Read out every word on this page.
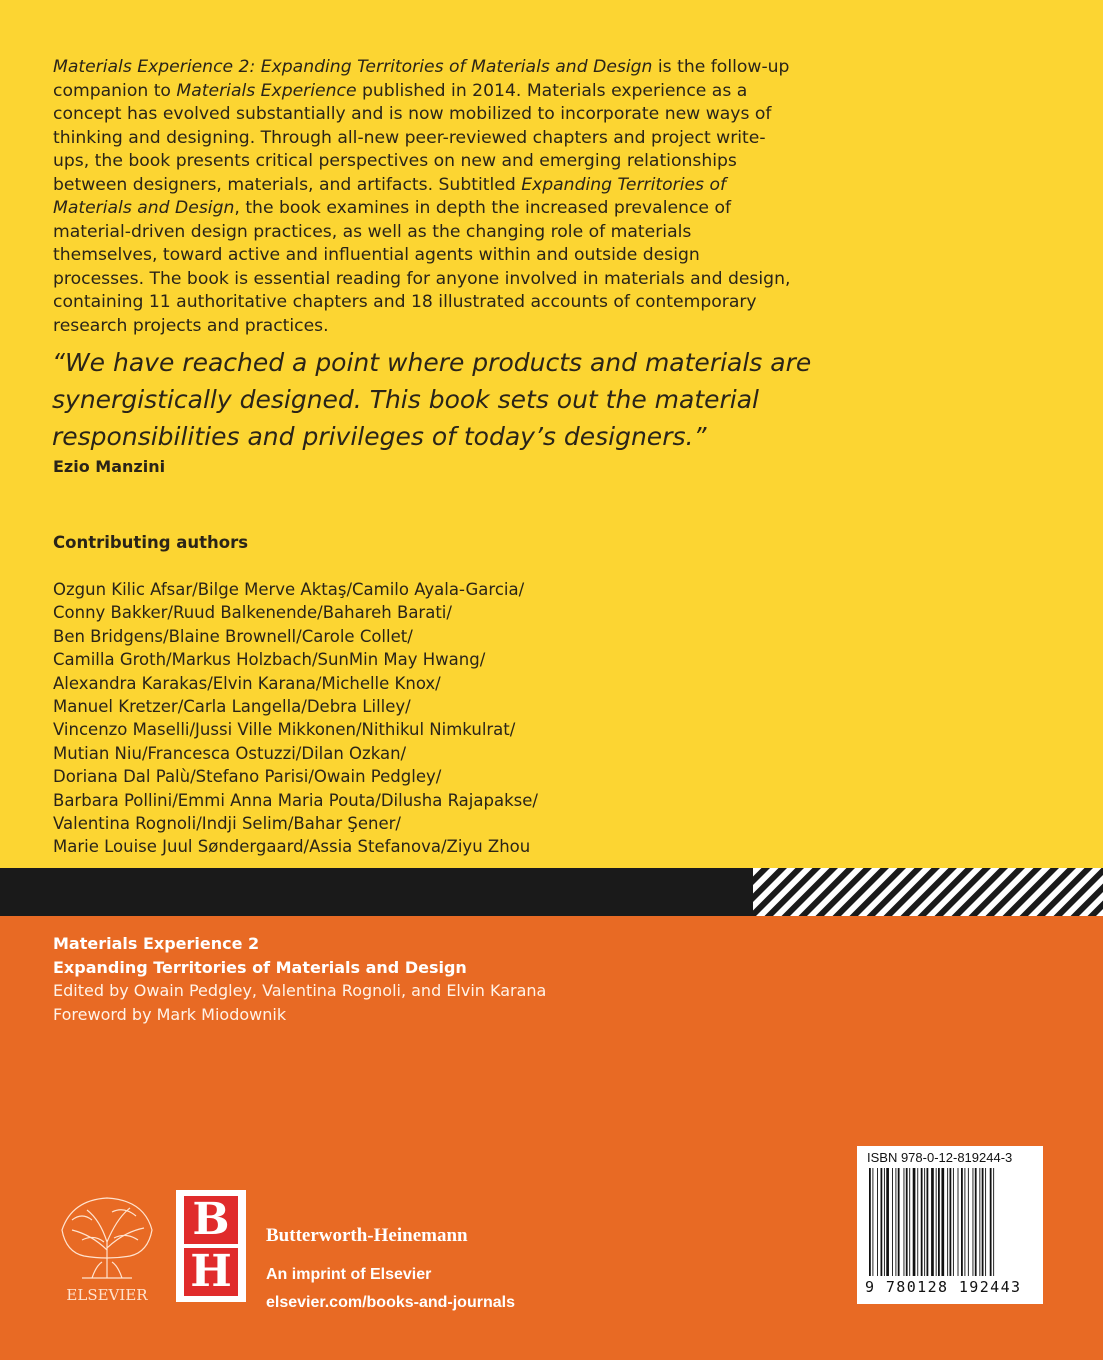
Materials Experience 2: Expanding Territories of Materials and Design is the follow-up companion to Materials Experience published in 2014. Materials experience as a concept has evolved substantially and is now mobilized to incorporate new ways of thinking and designing. Through all-new peer-reviewed chapters and project write-ups, the book presents critical perspectives on new and emerging relationships between designers, materials, and artifacts. Subtitled Expanding Territories of Materials and Design, the book examines in depth the increased prevalence of material-driven design practices, as well as the changing role of materials themselves, toward active and influential agents within and outside design processes. The book is essential reading for anyone involved in materials and design, containing 11 authoritative chapters and 18 illustrated accounts of contemporary research projects and practices.

“We have reached a point where products and materials are synergistically designed. This book sets out the material responsibilities and privileges of today’s designers.”

Ezio Manzini
Contributing authors
Ozgun Kilic Afsar/Bilge Merve Aktaş/Camilo Ayala-Garcia/
Conny Bakker/Ruud Balkenende/Bahareh Barati/
Ben Bridgens/Blaine Brownell/Carole Collet/
Camilla Groth/Markus Holzbach/SunMin May Hwang/
Alexandra Karakas/Elvin Karana/Michelle Knox/
Manuel Kretzer/Carla Langella/Debra Lilley/
Vincenzo Maselli/Jussi Ville Mikkonen/Nithikul Nimkulrat/
Mutian Niu/Francesca Ostuzzi/Dilan Ozkan/
Doriana Dal Palù/Stefano Parisi/Owain Pedgley/
Barbara Pollini/Emmi Anna Maria Pouta/Dilusha Rajapakse/
Valentina Rognoli/Indji Selim/Bahar Şener/
Marie Louise Juul Søndergaard/Assia Stefanova/Ziyu Zhou
Materials Experience 2
Expanding Territories of Materials and Design
Edited by Owain Pedgley, Valentina Rognoli, and Elvin Karana
Foreword by Mark Miodownik
ELSEVIER
B
H
Butterworth-Heinemann
An imprint of Elsevier
elsevier.com/books-and-journals
ISBN 978-0-12-819244-3
9 780128 192443
